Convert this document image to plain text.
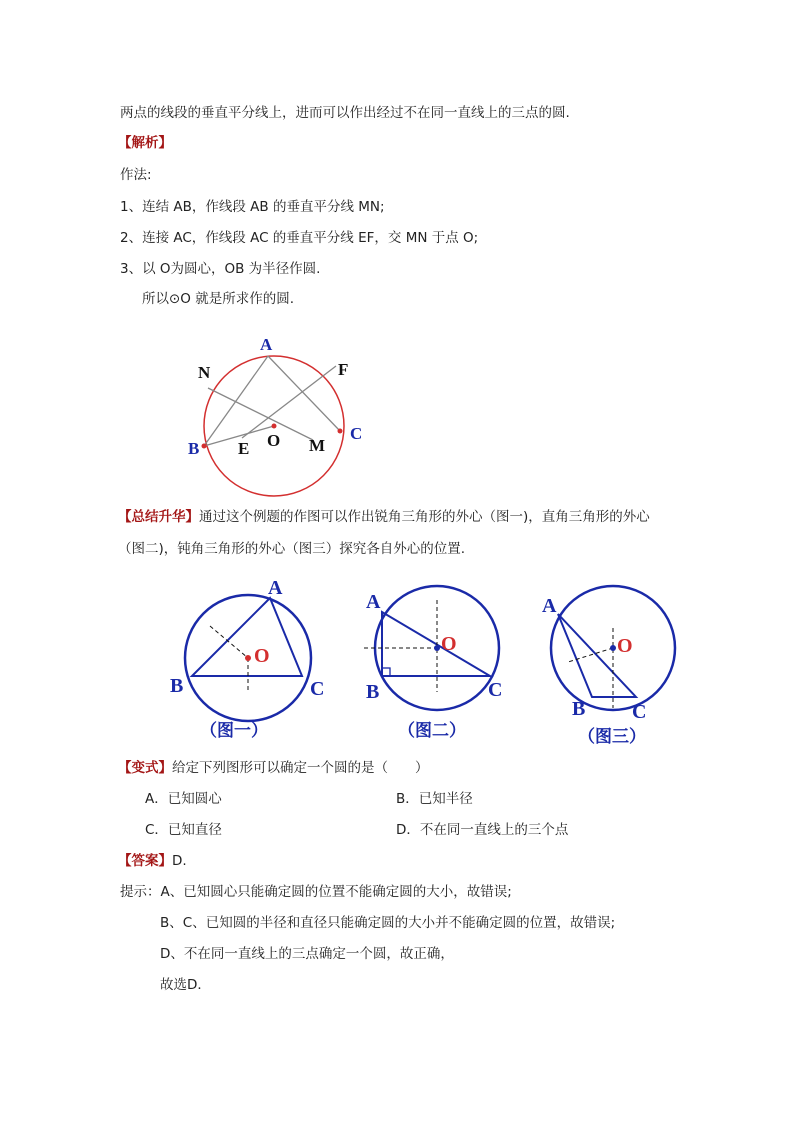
两点的线段的垂直平分线上，进而可以作出经过不在同一直线上的三点的圆.
【解析】
作法:
1、连结 AB，作线段 AB 的垂直平分线 MN;
2、连接 AC，作线段 AC 的垂直平分线 EF，交 MN 于点 O;
3、以 O为圆心，OB 为半径作圆.
所以⊙O 就是所求作的圆.
A
N	F
C
B	O
E	M
【总结升华】通过这个例题的作图可以作出锐角三角形的外心（图一)，直角三角形的外心
（图二)，钝角三角形的外心（图三）探究各自外心的位置.
A
O
B	C
（图一）
A
O
B	C
（图二）
A
O
B C
（图三）
【变式】给定下列图形可以确定一个圆的是（　　）
A．已知圆心	B．已知半径
C．已知直径	D．不在同一直线上的三个点
【答案】D.
提示：A、已知圆心只能确定圆的位置不能确定圆的大小，故错误;
B、C、已知圆的半径和直径只能确定圆的大小并不能确定圆的位置，故错误;
D、不在同一直线上的三点确定一个圆，故正确，
故选D．
